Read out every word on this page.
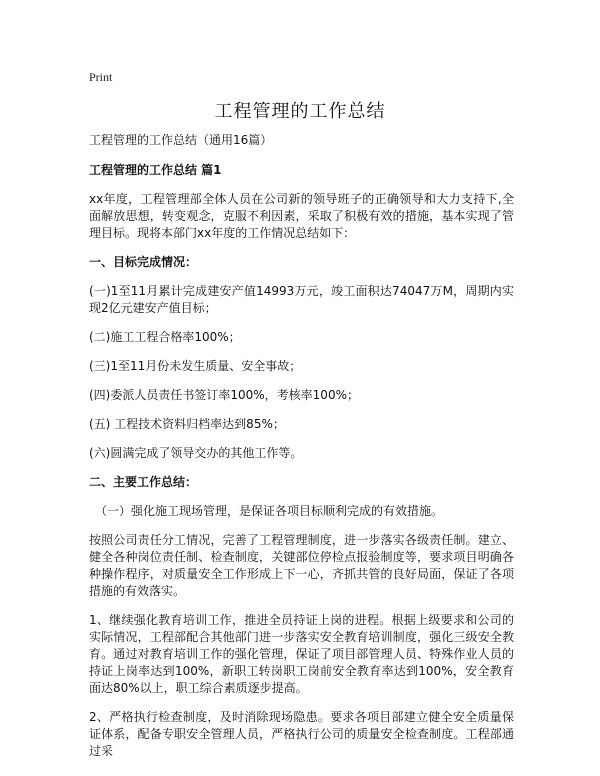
Print
工程管理的工作总结

工程管理的工作总结（通用16篇）

工程管理的工作总结 篇1

xx年度，工程管理部全体人员在公司新的领导班子的正确领导和大力支持下,全面解放思想，转变观念，克服不利因素，采取了积极有效的措施，基本实现了管理目标。现将本部门xx年度的工作情况总结如下：

一、目标完成情况：

(一)1至11月累计完成建安产值14993万元，竣工面积达74047万M，周期内实现2亿元建安产值目标；

(二)施工工程合格率100%；

(三)1至11月份未发生质量、安全事故；

(四)委派人员责任书签订率100%，考核率100%；

(五) 工程技术资料归档率达到85%；

(六)圆满完成了领导交办的其他工作等。

二、主要工作总结：

（一）强化施工现场管理，是保证各项目标顺利完成的有效措施。

按照公司责任分工情况，完善了工程管理制度，进一步落实各级责任制。建立、健全各种岗位责任制、检查制度，关键部位停检点报验制度等，要求项目明确各种操作程序，对质量安全工作形成上下一心，齐抓共管的良好局面，保证了各项措施的有效落实。

1、继续强化教育培训工作，推进全员持证上岗的进程。根据上级要求和公司的实际情况，工程部配合其他部门进一步落实安全教育培训制度，强化三级安全教育。通过对教育培训工作的强化管理，保证了项目部管理人员、特殊作业人员的持证上岗率达到100%，新职工转岗职工岗前安全教育率达到100%，安全教育面达80%以上，职工综合素质逐步提高。

2、严格执行检查制度，及时消除现场隐患。要求各项目部建立健全安全质量保证体系，配备专职安全管理人员，严格执行公司的质量安全检查制度。工程部通过采
